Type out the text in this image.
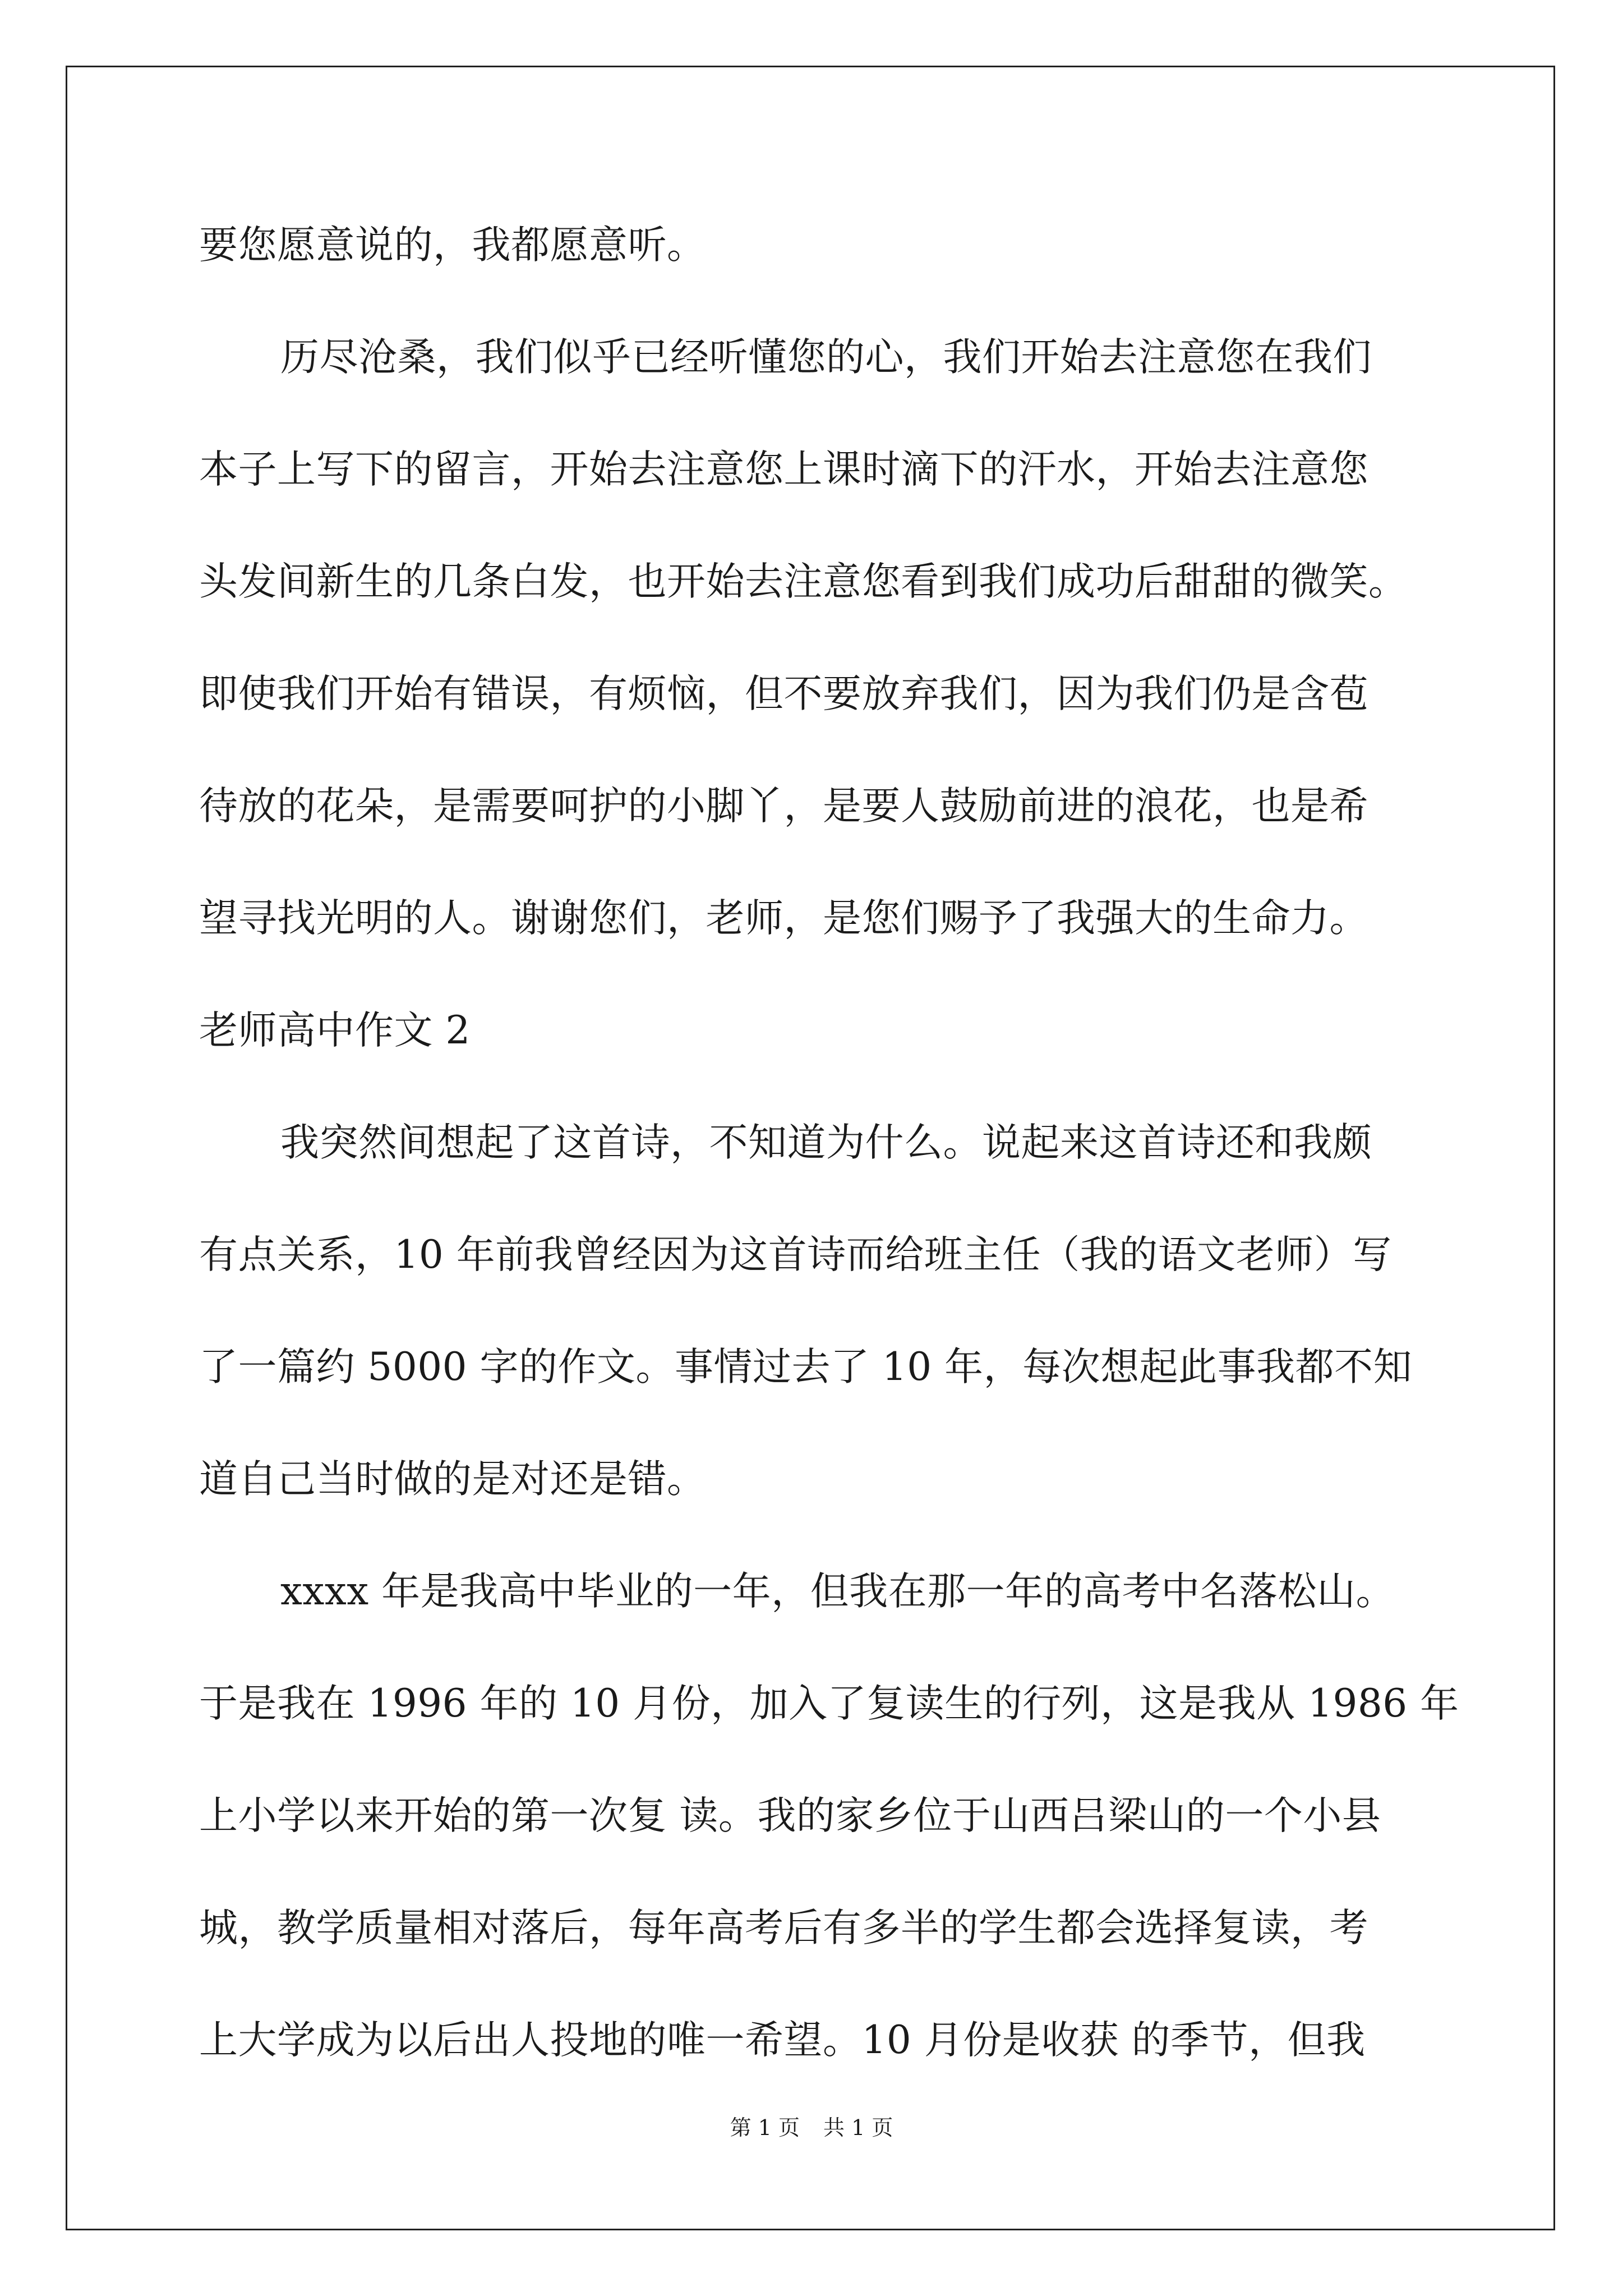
要您愿意说的，我都愿意听。
历尽沧桑，我们似乎已经听懂您的心，我们开始去注意您在我们
本子上写下的留言，开始去注意您上课时滴下的汗水，开始去注意您
头发间新生的几条白发，也开始去注意您看到我们成功后甜甜的微笑。
即使我们开始有错误，有烦恼，但不要放弃我们，因为我们仍是含苞
待放的花朵，是需要呵护的小脚丫，是要人鼓励前进的浪花，也是希
望寻找光明的人。谢谢您们，老师，是您们赐予了我强大的生命力。
老师高中作文 2
我突然间想起了这首诗，不知道为什么。说起来这首诗还和我颇
有点关系，10 年前我曾经因为这首诗而给班主任（我的语文老师）写
了一篇约 5000 字的作文。事情过去了 10 年，每次想起此事我都不知
道自己当时做的是对还是错。
xxxx 年是我高中毕业的一年，但我在那一年的高考中名落松山。
于是我在 1996 年的 10 月份，加入了复读生的行列，这是我从 1986 年
上小学以来开始的第一次复 读。我的家乡位于山西吕梁山的一个小县
城，教学质量相对落后，每年高考后有多半的学生都会选择复读，考
上大学成为以后出人投地的唯一希望。10 月份是收获 的季节，但我
第 1 页 共 1 页
